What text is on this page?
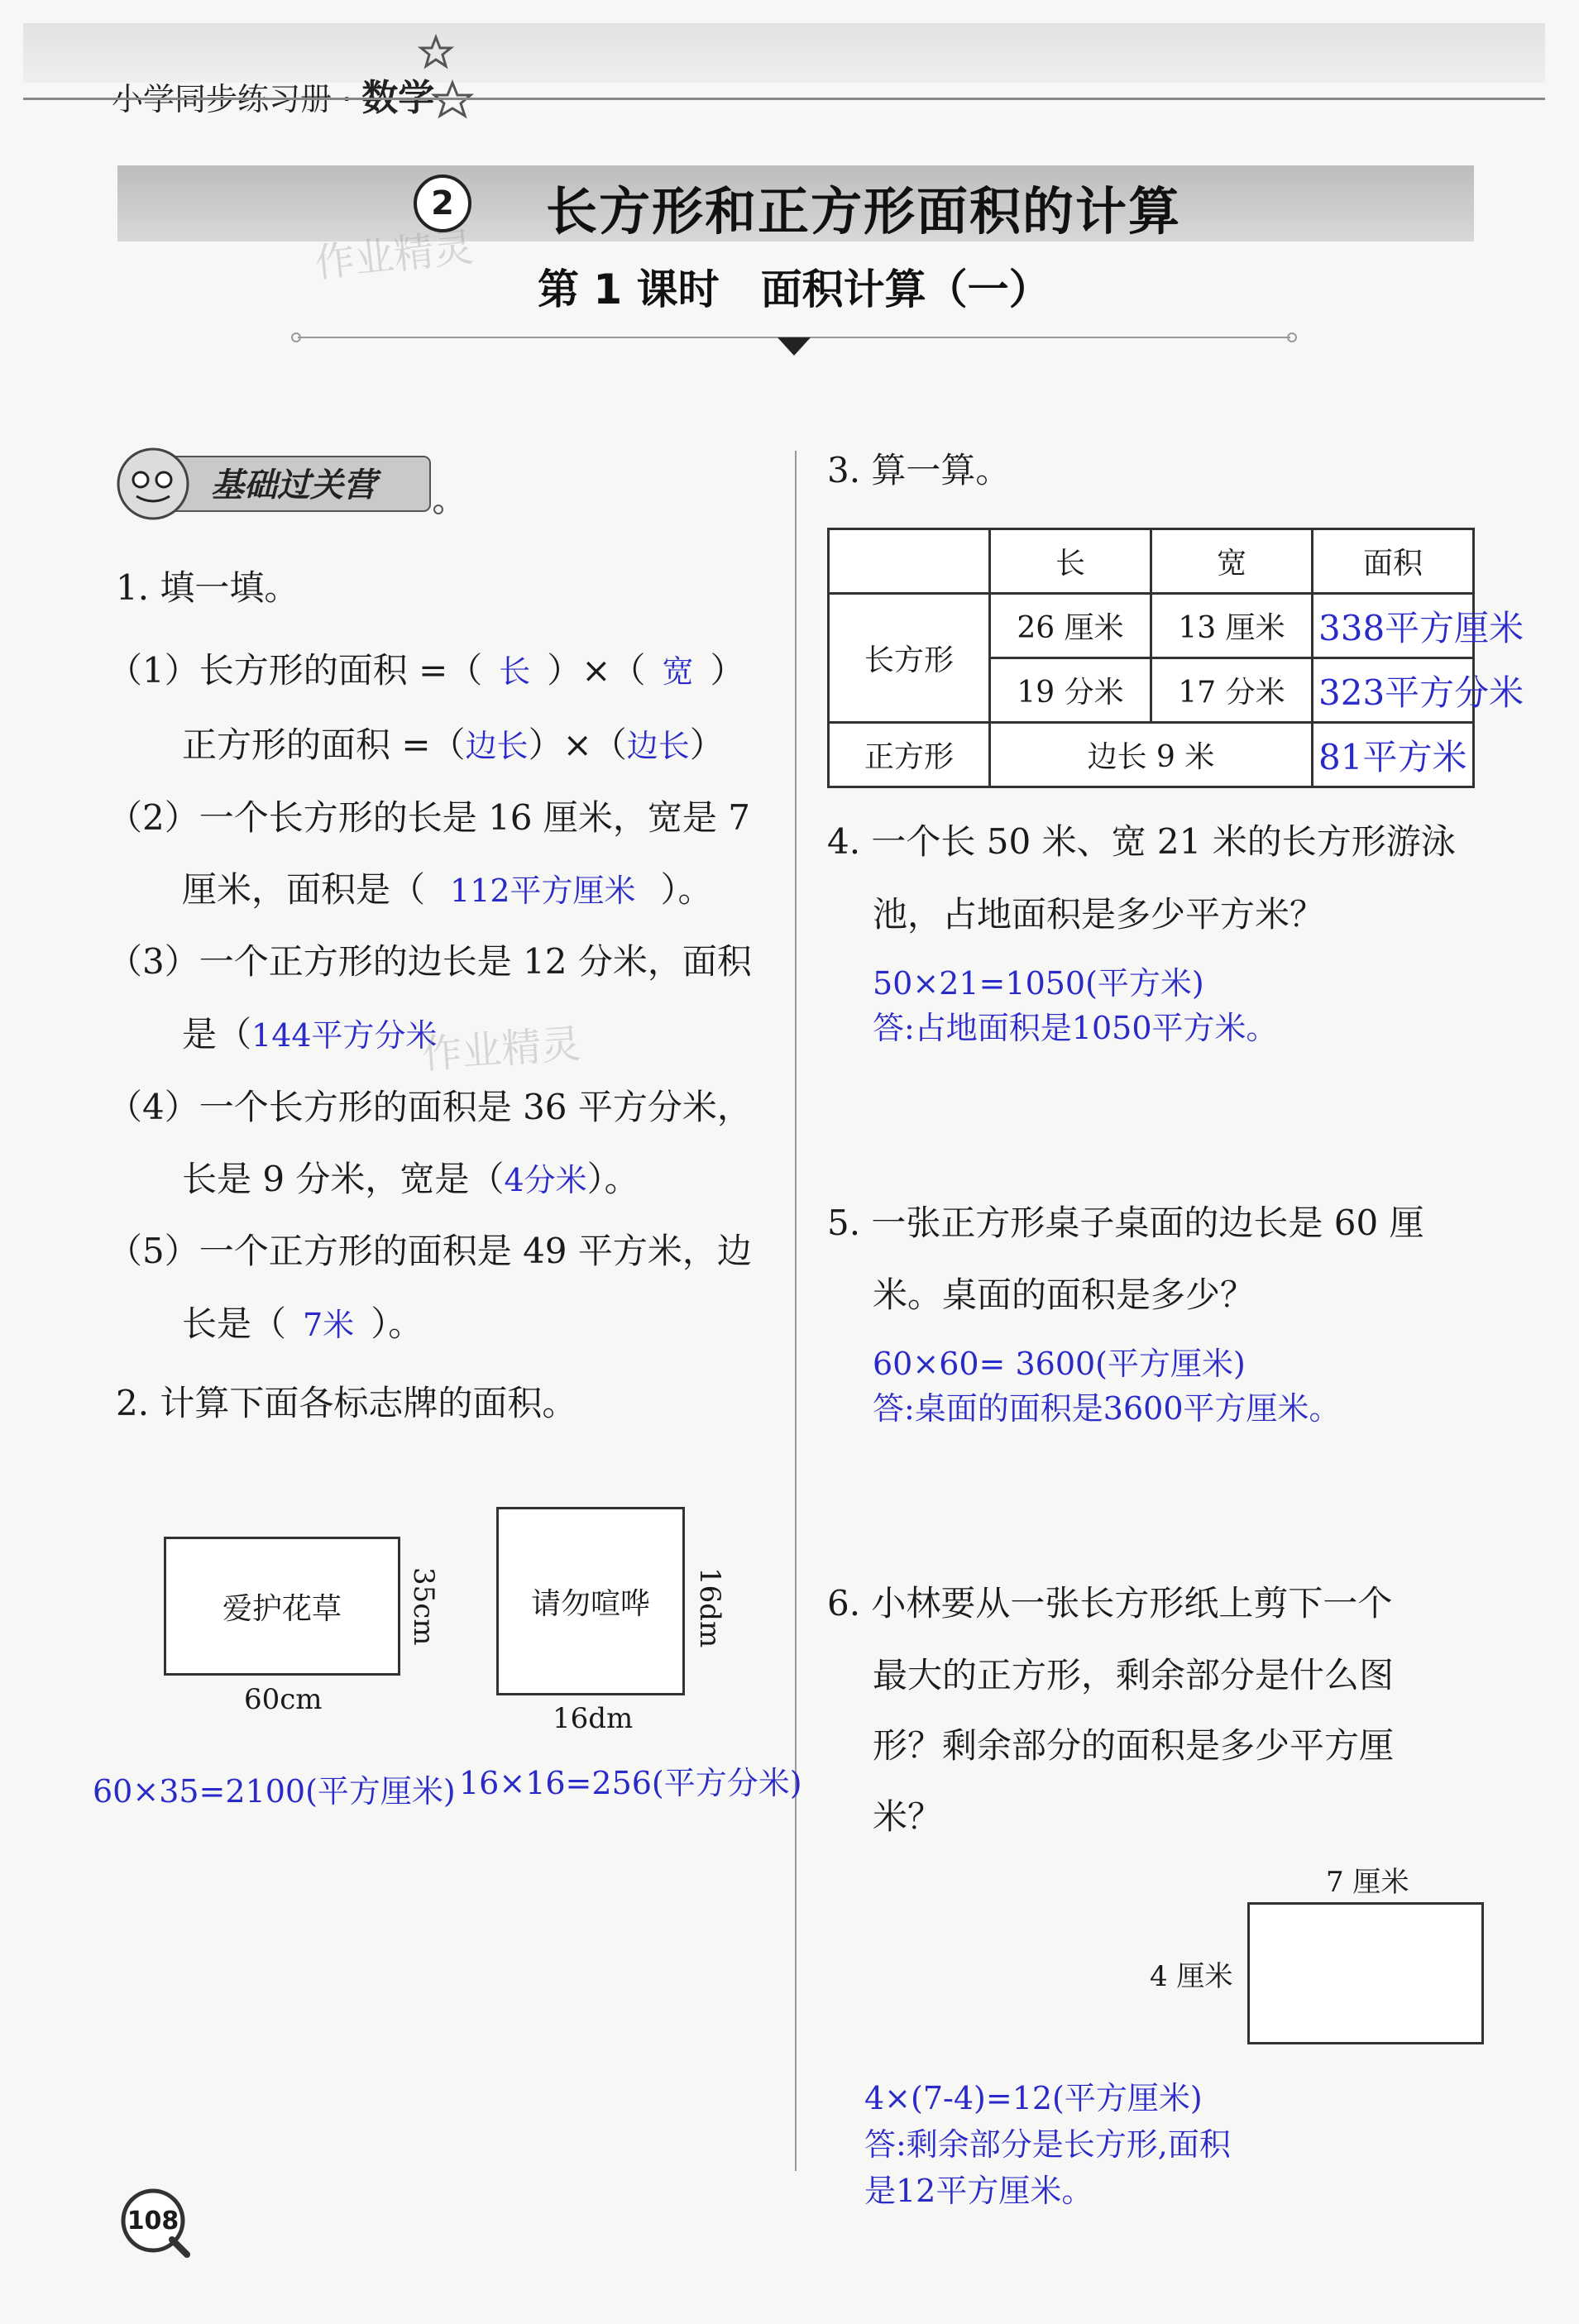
小学同步练习册 · 数学
2	长方形和正方形面积的计算
作业精灵
第 1 课时　面积计算（一）
基础过关营
1. 填一填。
（1）长方形的面积 =（ 长 ）×（ 宽 ）
正方形的面积 =（边长）×（边长）
（2）一个长方形的长是 16 厘米，宽是 7
厘米，面积是（ 112平方厘米 ）。
（3）一个正方形的边长是 12 分米，面积
是（144平方分米
作业精灵
（4）一个长方形的面积是 36 平方分米，
长是 9 分米，宽是（4分米）。
（5）一个正方形的面积是 49 平方米，边
长是（ 7米 ）。
2. 计算下面各标志牌的面积。
爱护花草	35cm
60cm
60×35=2100(平方厘米)
请勿喧哗	16dm
16dm
16×16=256(平方分米)
3. 算一算。
	长	宽	面积
长方形	26 厘米	13 厘米	338平方厘米
	19 分米	17 分米	323平方分米
正方形	边长 9 米		81平方米
4. 一个长 50 米、宽 21 米的长方形游泳
池，占地面积是多少平方米？
50×21=1050(平方米)
答:占地面积是1050平方米。
5. 一张正方形桌子桌面的边长是 60 厘
米。桌面的面积是多少？
60×60= 3600(平方厘米)
答:桌面的面积是3600平方厘米。
6. 小林要从一张长方形纸上剪下一个
最大的正方形，剩余部分是什么图
形？剩余部分的面积是多少平方厘
米？
7 厘米
4 厘米
4×(7-4)=12(平方厘米)
答:剩余部分是长方形,面积
是12平方厘米。
108
